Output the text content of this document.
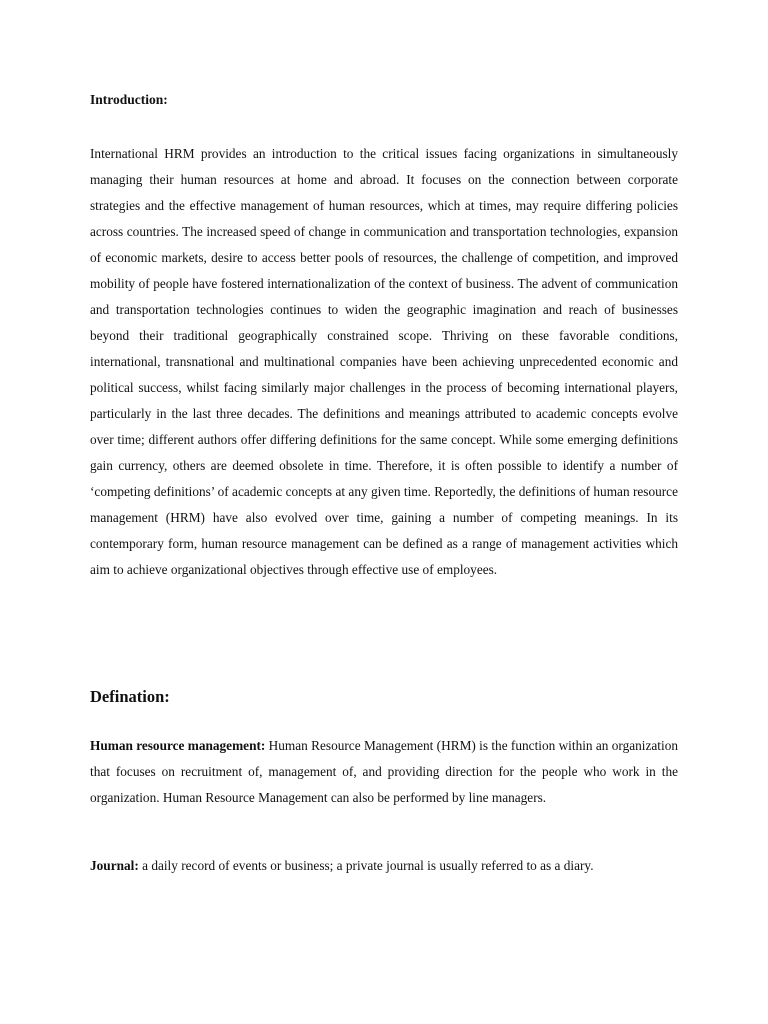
Introduction:

International HRM provides an introduction to the critical issues facing organizations in simultaneously managing their human resources at home and abroad. It focuses on the connection between corporate strategies and the effective management of human resources, which at times, may require differing policies across countries. The increased speed of change in communication and transportation technologies, expansion of economic markets, desire to access better pools of resources, the challenge of competition, and improved mobility of people have fostered internationalization of the context of business. The advent of communication and transportation technologies continues to widen the geographic imagination and reach of businesses beyond their traditional geographically constrained scope. Thriving on these favorable conditions, international, transnational and multinational companies have been achieving unprecedented economic and political success, whilst facing similarly major challenges in the process of becoming international players, particularly in the last three decades. The definitions and meanings attributed to academic concepts evolve over time; different authors offer differing definitions for the same concept. While some emerging definitions gain currency, others are deemed obsolete in time. Therefore, it is often possible to identify a number of ‘competing definitions’ of academic concepts at any given time. Reportedly, the definitions of human resource management (HRM) have also evolved over time, gaining a number of competing meanings. In its contemporary form, human resource management can be defined as a range of management activities which aim to achieve organizational objectives through effective use of employees.

Defination:

Human resource management: Human Resource Management (HRM) is the function within an organization that focuses on recruitment of, management of, and providing direction for the people who work in the organization. Human Resource Management can also be performed by line managers.

Journal: a daily record of events or business; a private journal is usually referred to as a diary.
